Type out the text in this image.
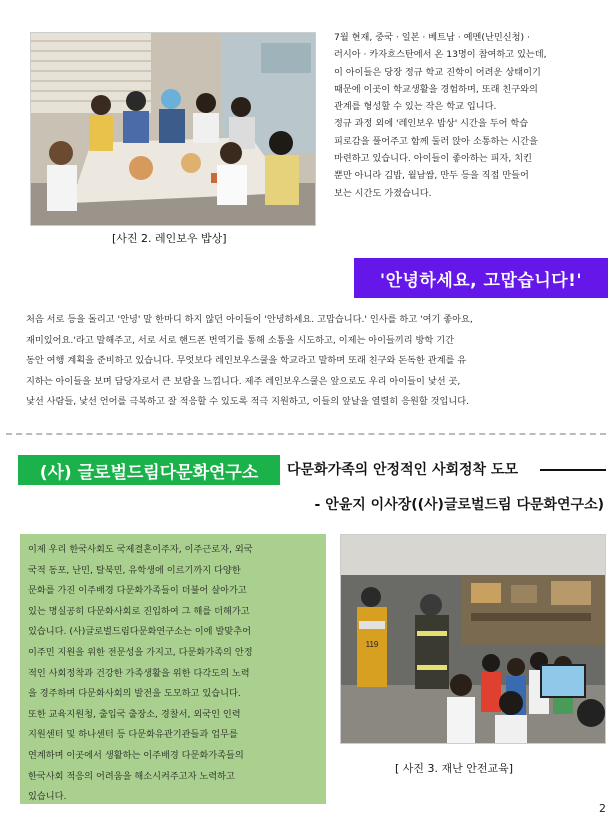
[사진 2. 레인보우 밥상]

7월 현재, 중국 · 일본 · 베트남 · 예멘(난민신청) ·

러시아 · 카자흐스탄에서 온 13명이 참여하고 있는데,

이 아이들은 당장 정규 학교 진학이 어려운 상태이기

때문에 이곳이 학교생활을 경험하며, 또래 친구와의

관계를 형성할 수 있는 작은 학교 입니다.

정규 과정 외에 '레인보우 밥상' 시간을 두어 학습

피로감을 풀어주고 함께 둘러 앉아 소통하는 시간을

마련하고 있습니다. 아이들이 좋아하는 피자, 치킨

뿐만 아니라 김밥, 월남쌈, 만두 등을 직접 만들어

보는 시간도 가졌습니다.

'안녕하세요, 고맙습니다!'
처음 서로 등을 돌리고 '안녕' 말 한마디 하지 않던 아이들이 '안녕하세요. 고맙습니다.' 인사를 하고 '여기 좋아요,
재미있어요.'라고 말해주고, 서로 서로 핸드폰 번역기를 통해 소통을 시도하고, 이제는 아이들끼리 방학 기간
동안 여행 계획을 준비하고 있습니다. 무엇보다 레인보우스쿨을 학교라고 말하며 또래 친구와 돈독한 관계를 유
지하는 아이들을 보며 담당자로서 큰 보람을 느낍니다. 제주 레인보우스쿨은 앞으로도 우리 아이들이 낯선 곳,
낯선 사람들, 낯선 언어를 극복하고 잘 적응할 수 있도록 적극 지원하고, 이들의 앞날을 열렬히 응원할 것입니다.
(사) 글로벌드림다문화연구소	다문화가족의 안정적인 사회정착 도모
- 안윤지 이사장((사)글로벌드림 다문화연구소)

이제 우리 한국사회도 국제결혼이주자, 이주근로자, 외국

국적 동포, 난민, 탈북민, 유학생에 이르기까지 다양한

문화를 가진 이주배경 다문화가족들이 더불어 살아가고

있는 명실공히 다문화사회로 진입하여 그 해를 더해가고

있습니다. (사)글로벌드림다문화연구소는 이에 발맞추어

이주민 지원을 위한 전문성을 가지고, 다문화가족의 안정

적인 사회정착과 건강한 가족생활을 위한 다각도의 노력

을 경주하며 다문화사회의 발전을 도모하고 있습니다.

또한 교육지원청, 출입국 출장소, 경찰서, 외국인 인력

지원센터 및 하나센터 등 다문화유관기관들과 업무를

연계하며 이곳에서 생활하는 이주배경 다문화가족들의

한국사회 적응의 어려움을 해소시켜주고자 노력하고

있습니다.

119
[ 사진 3. 재난 안전교육]
2
